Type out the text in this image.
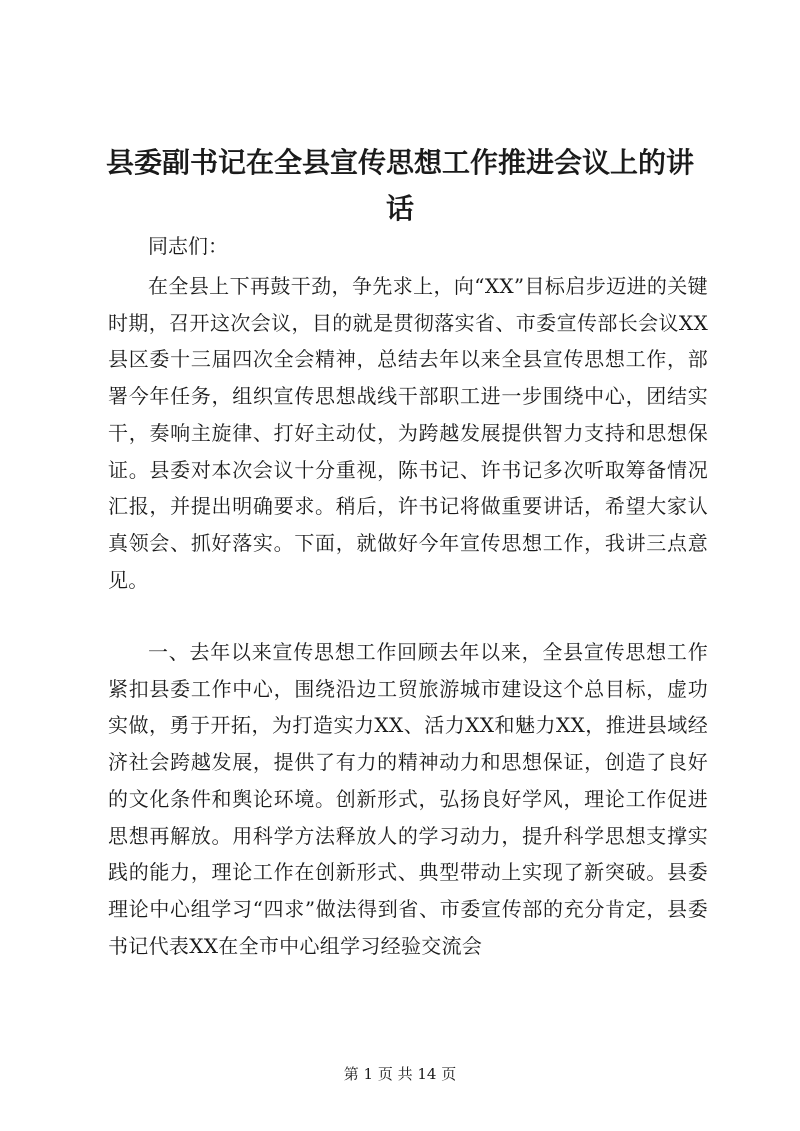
县委副书记在全县宣传思想工作推进会议上的讲话

同志们：

在全县上下再鼓干劲，争先求上，向“XX”目标启步迈进的关键时期，召开这次会议，目的就是贯彻落实省、市委宣传部长会议XX县区委十三届四次全会精神，总结去年以来全县宣传思想工作，部署今年任务，组织宣传思想战线干部职工进一步围绕中心，团结实干，奏响主旋律、打好主动仗，为跨越发展提供智力支持和思想保证。县委对本次会议十分重视，陈书记、许书记多次听取筹备情况汇报，并提出明确要求。稍后，许书记将做重要讲话，希望大家认真领会、抓好落实。下面，就做好今年宣传思想工作，我讲三点意见。

一、去年以来宣传思想工作回顾去年以来，全县宣传思想工作紧扣县委工作中心，围绕沿边工贸旅游城市建设这个总目标，虚功实做，勇于开拓，为打造实力XX、活力XX和魅力XX，推进县域经济社会跨越发展，提供了有力的精神动力和思想保证，创造了良好的文化条件和舆论环境。创新形式，弘扬良好学风，理论工作促进思想再解放。用科学方法释放人的学习动力，提升科学思想支撑实践的能力，理论工作在创新形式、典型带动上实现了新突破。县委理论中心组学习“四求”做法得到省、市委宣传部的充分肯定，县委书记代表XX在全市中心组学习经验交流会

第 1 页 共 14 页
